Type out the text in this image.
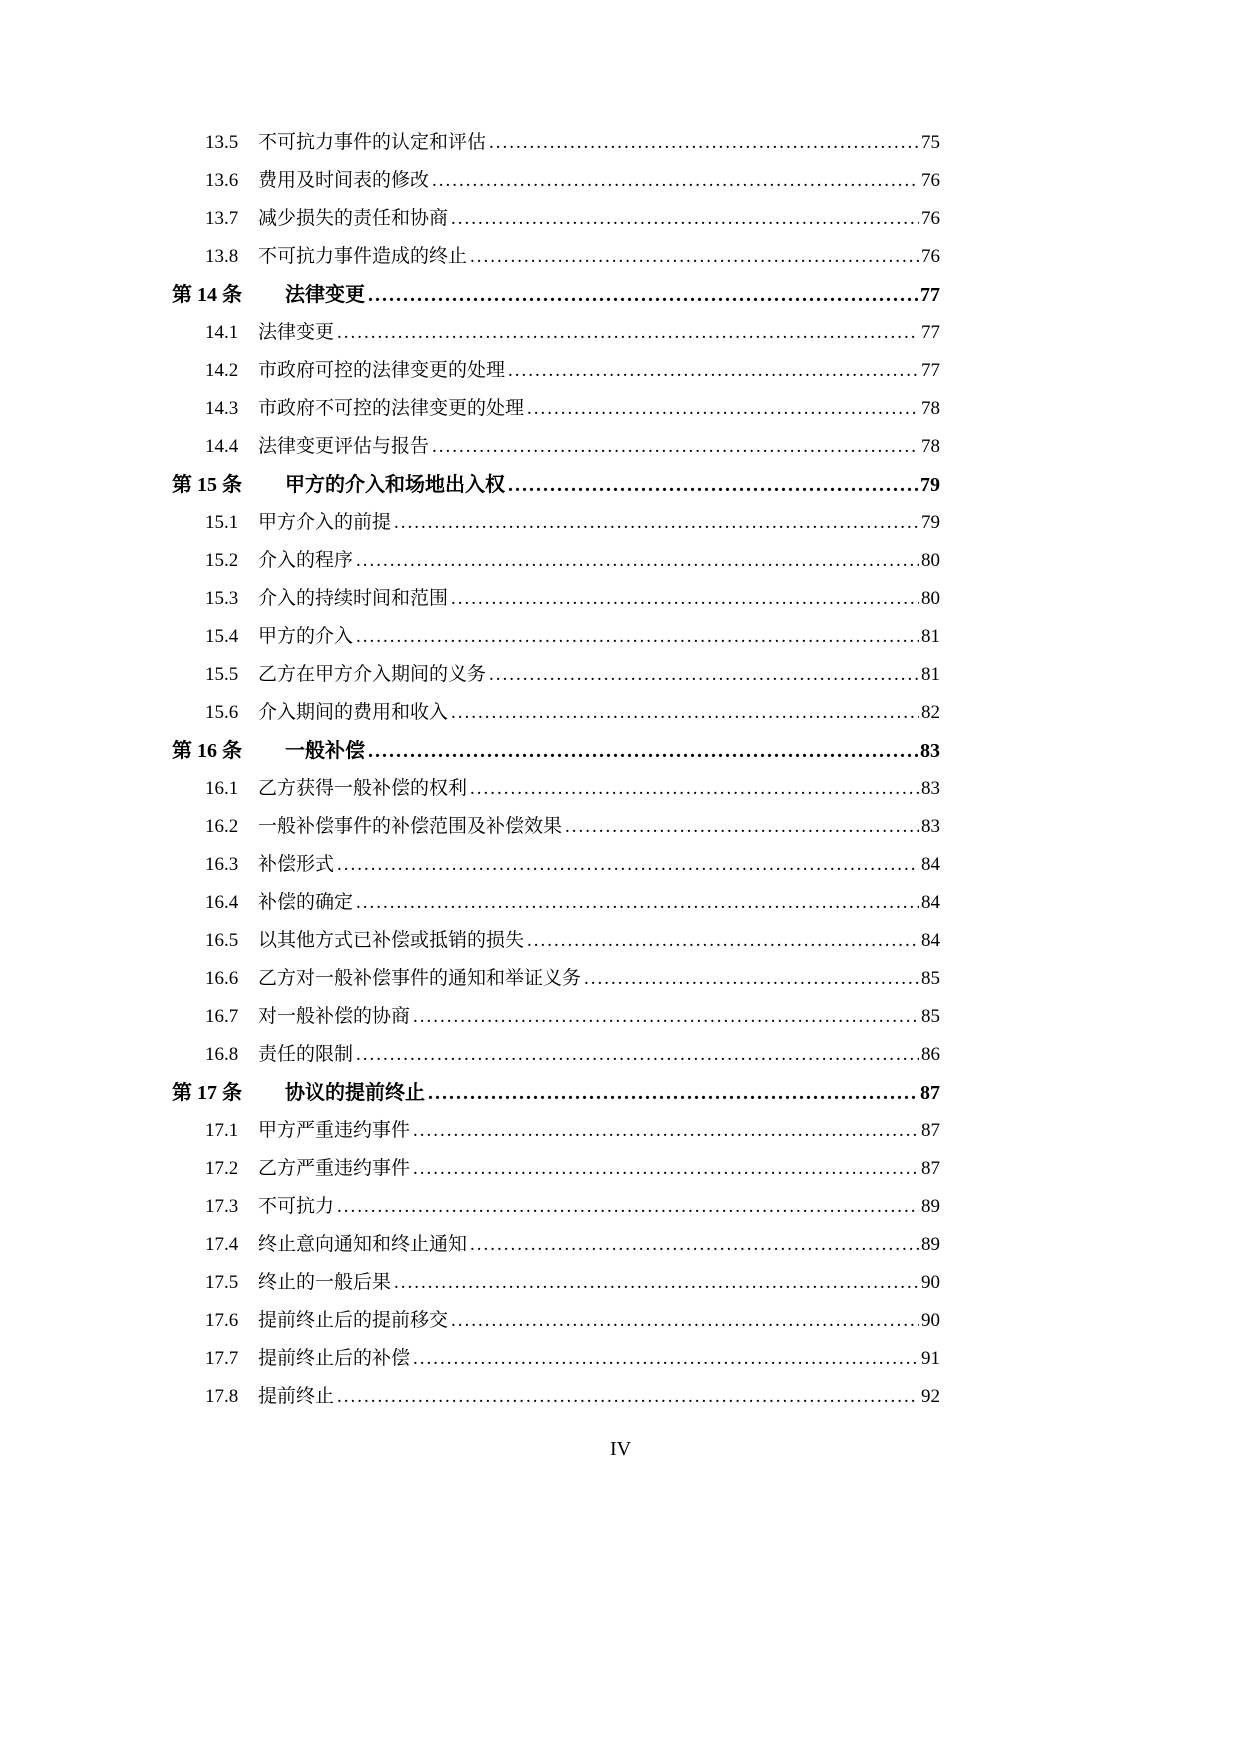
13.5	不可抗力事件的认定和评估 .....	75
13.6	费用及时间表的修改 .....	76
13.7	减少损失的责任和协商 .....	76
13.8	不可抗力事件造成的终止 .....	76
第 14 条	法律变更 .....	77
14.1	法律变更 .....	77
14.2	市政府可控的法律变更的处理 .....	77
14.3	市政府不可控的法律变更的处理 .....	78
14.4	法律变更评估与报告 .....	78
第 15 条	甲方的介入和场地出入权 .....	79
15.1	甲方介入的前提 .....	79
15.2	介入的程序 .....	80
15.3	介入的持续时间和范围 .....	80
15.4	甲方的介入 .....	81
15.5	乙方在甲方介入期间的义务 .....	81
15.6	介入期间的费用和收入 .....	82
第 16 条	一般补偿 .....	83
16.1	乙方获得一般补偿的权利 .....	83
16.2	一般补偿事件的补偿范围及补偿效果 .....	83
16.3	补偿形式 .....	84
16.4	补偿的确定 .....	84
16.5	以其他方式已补偿或抵销的损失 .....	84
16.6	乙方对一般补偿事件的通知和举证义务 .....	85
16.7	对一般补偿的协商 .....	85
16.8	责任的限制 .....	86
第 17 条	协议的提前终止 .....	87
17.1	甲方严重违约事件 .....	87
17.2	乙方严重违约事件 .....	87
17.3	不可抗力 .....	89
17.4	终止意向通知和终止通知 .....	89
17.5	终止的一般后果 .....	90
17.6	提前终止后的提前移交 .....	90
17.7	提前终止后的补偿 .....	91
17.8	提前终止 .....	92
IV
